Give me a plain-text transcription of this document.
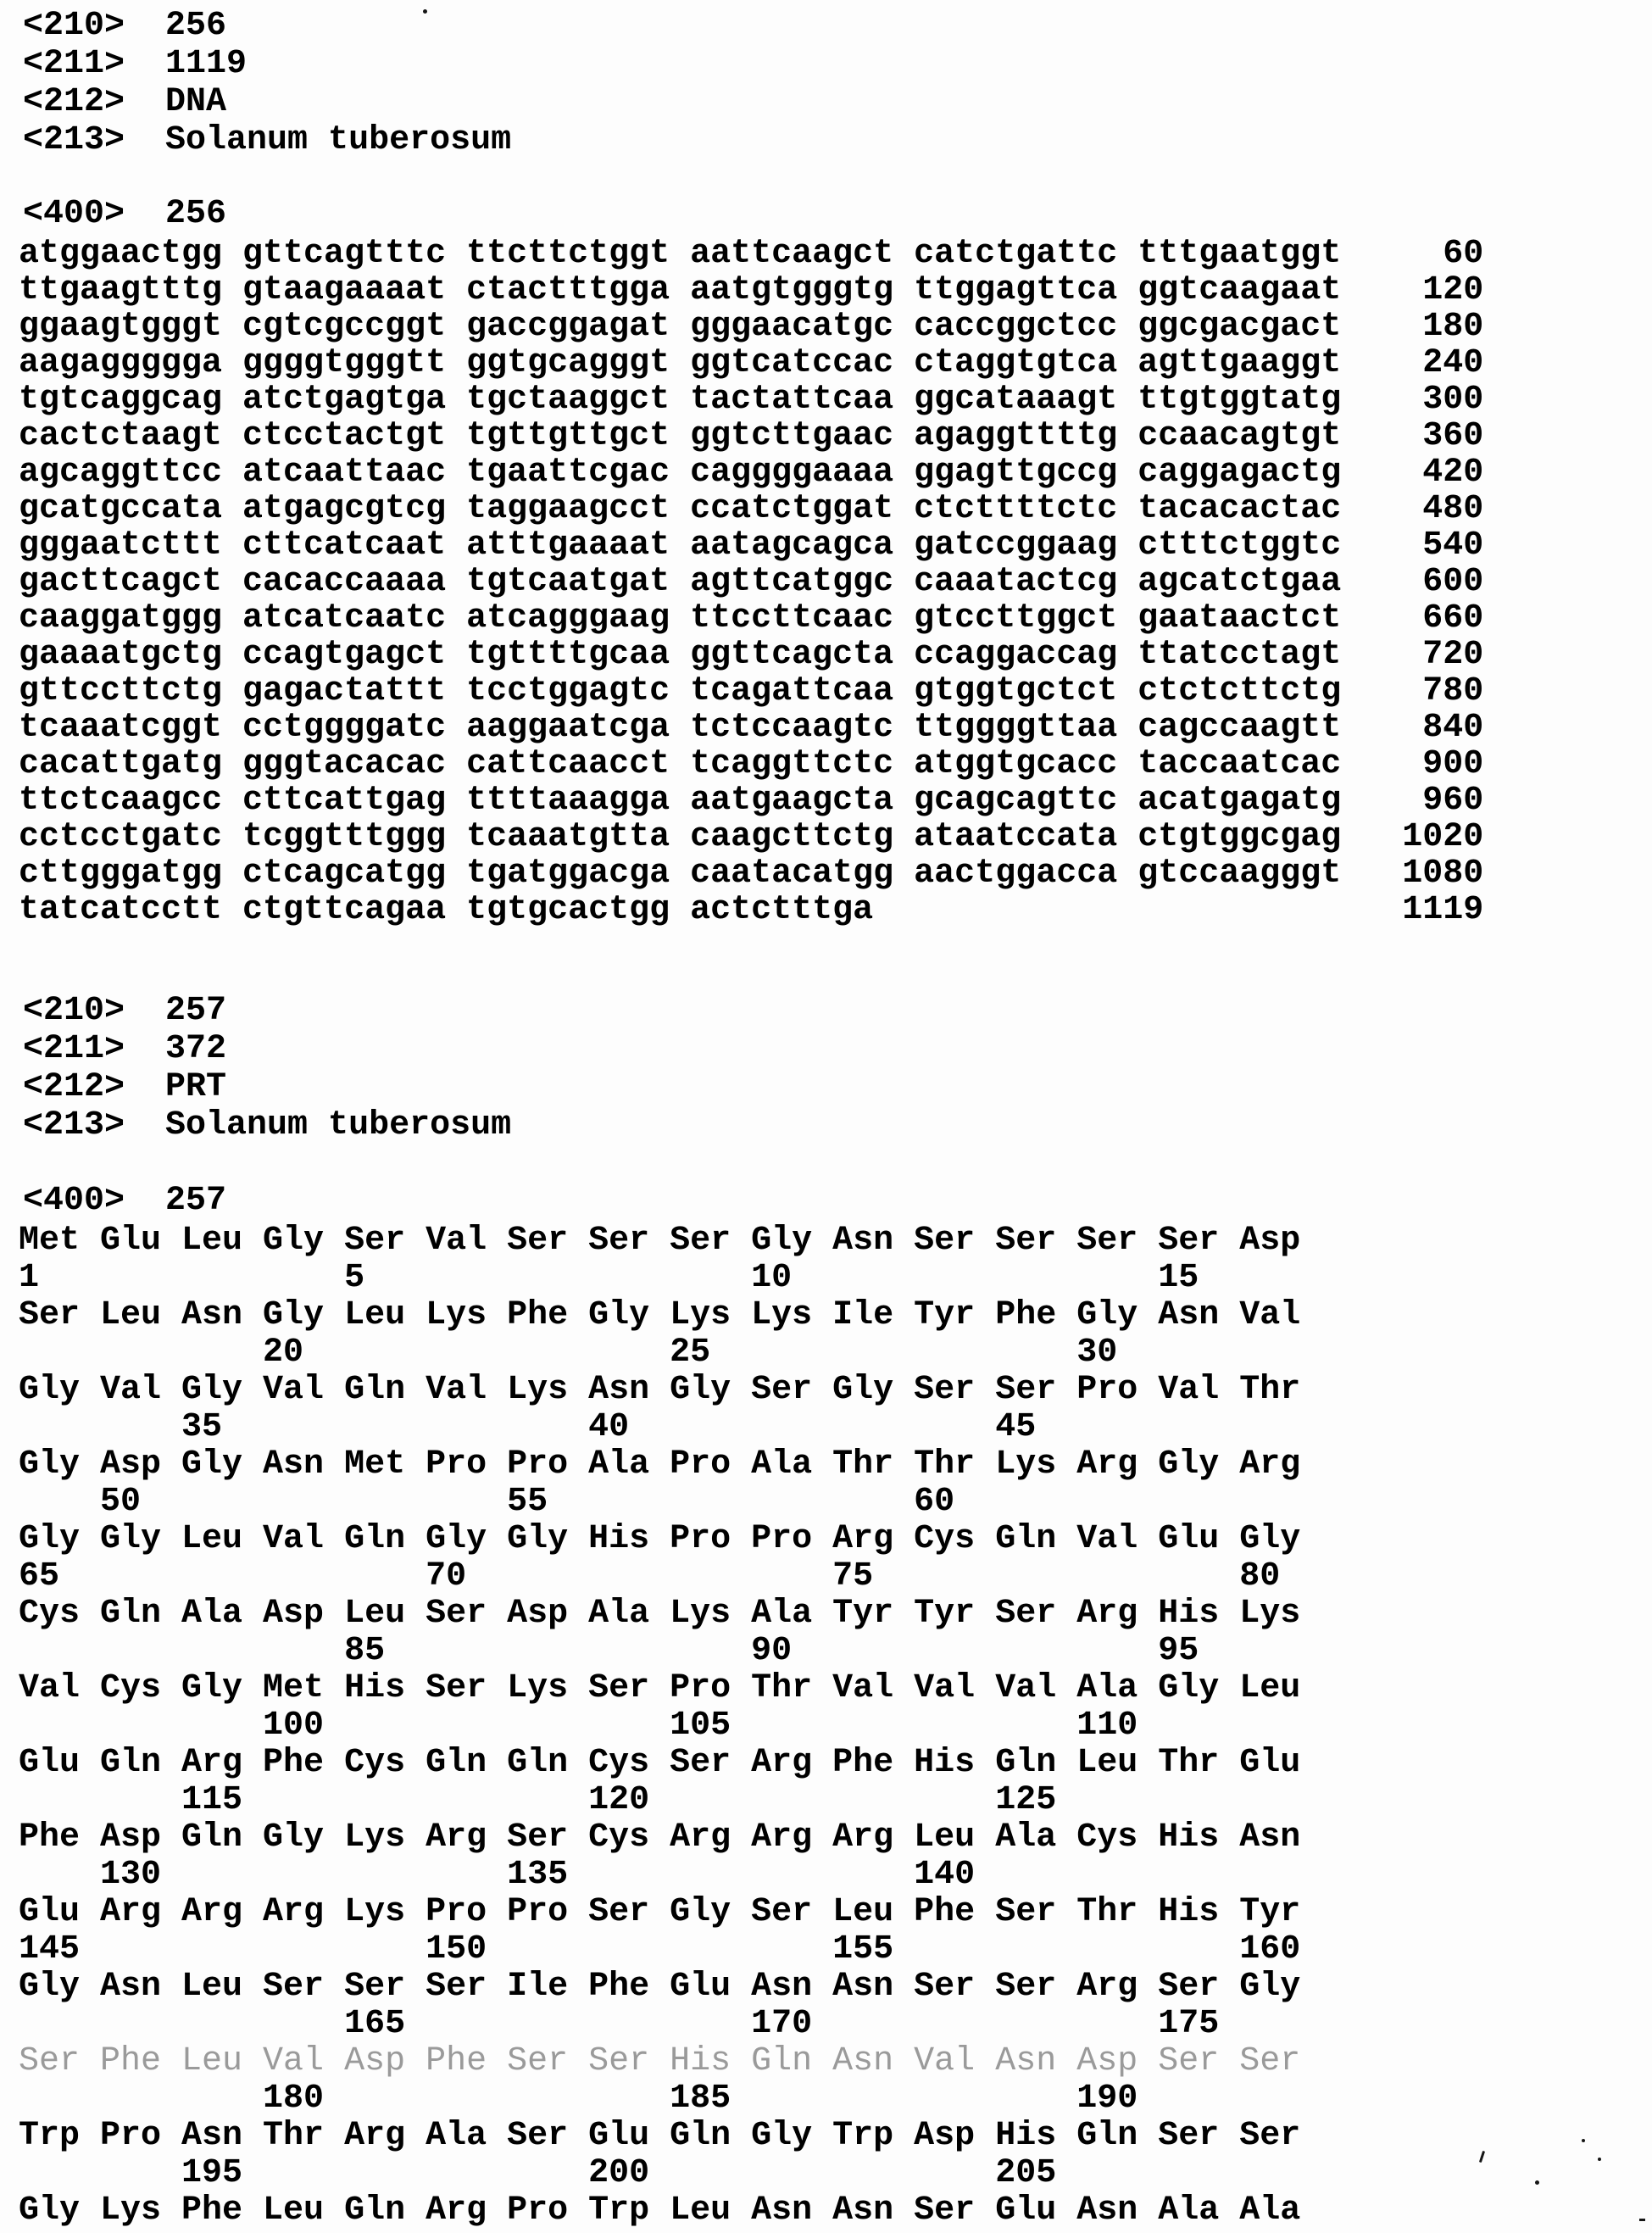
<210>  256
<211>  1119
<212>  DNA
<213>  Solanum tuberosum
<400> 256
atggaactgg gttcagtttc ttcttctggt aattcaagct catctgattc tttgaatggt     60
ttgaagtttg gtaagaaaat ctactttgga aatgtgggtg ttggagttca ggtcaagaat    120
ggaagtgggt cgtcgccggt gaccggagat gggaacatgc caccggctcc ggcgacgact    180
aagaggggga ggggtgggtt ggtgcagggt ggtcatccac ctaggtgtca agttgaaggt    240
tgtcaggcag atctgagtga tgctaaggct tactattcaa ggcataaagt ttgtggtatg    300
cactctaagt ctcctactgt tgttgttgct ggtcttgaac agaggttttg ccaacagtgt    360
agcaggttcc atcaattaac tgaattcgac caggggaaaa ggagttgccg caggagactg    420
gcatgccata atgagcgtcg taggaagcct ccatctggat ctcttttctc tacacactac    480
gggaatcttt cttcatcaat atttgaaaat aatagcagca gatccggaag ctttctggtc    540
gacttcagct cacaccaaaa tgtcaatgat agttcatggc caaatactcg agcatctgaa    600
caaggatggg atcatcaatc atcagggaag ttccttcaac gtccttggct gaataactct    660
gaaaatgctg ccagtgagct tgttttgcaa ggttcagcta ccaggaccag ttatcctagt    720
gttccttctg gagactattt tcctggagtc tcagattcaa gtggtgctct ctctcttctg    780
tcaaatcggt cctggggatc aaggaatcga tctccaagtc ttggggttaa cagccaagtt    840
cacattgatg gggtacacac cattcaacct tcaggttctc atggtgcacc taccaatcac    900
ttctcaagcc cttcattgag ttttaaagga aatgaagcta gcagcagttc acatgagatg    960
cctcctgatc tcggtttggg tcaaatgtta caagcttctg ataatccata ctgtggcgag   1020
cttgggatgg ctcagcatgg tgatggacga caatacatgg aactggacca gtccaagggt   1080
tatcatcctt ctgttcagaa tgtgcactgg actctttga                          1119
<210>  257
<211>  372
<212>  PRT
<213>  Solanum tuberosum
<400> 257
Met Glu Leu Gly Ser Val Ser Ser Ser Gly Asn Ser Ser Ser Ser Asp
1               5                   10                  15
Ser Leu Asn Gly Leu Lys Phe Gly Lys Lys Ile Tyr Phe Gly Asn Val
20                  25                  30
Gly Val Gly Val Gln Val Lys Asn Gly Ser Gly Ser Ser Pro Val Thr
35                  40                  45
Gly Asp Gly Asn Met Pro Pro Ala Pro Ala Thr Thr Lys Arg Gly Arg
50                  55                  60
Gly Gly Leu Val Gln Gly Gly His Pro Pro Arg Cys Gln Val Glu Gly
65                  70                  75                  80
Cys Gln Ala Asp Leu Ser Asp Ala Lys Ala Tyr Tyr Ser Arg His Lys
85                  90                  95
Val Cys Gly Met His Ser Lys Ser Pro Thr Val Val Val Ala Gly Leu
100                 105                 110
Glu Gln Arg Phe Cys Gln Gln Cys Ser Arg Phe His Gln Leu Thr Glu
115                 120                 125
Phe Asp Gln Gly Lys Arg Ser Cys Arg Arg Arg Leu Ala Cys His Asn
130                 135                 140
Glu Arg Arg Arg Lys Pro Pro Ser Gly Ser Leu Phe Ser Thr His Tyr
145                 150                 155                 160
Gly Asn Leu Ser Ser Ser Ile Phe Glu Asn Asn Ser Ser Arg Ser Gly
165                 170                 175
Ser Phe Leu Val Asp Phe Ser Ser His Gln Asn Val Asn Asp Ser Ser
180                 185                 190
Trp Pro Asn Thr Arg Ala Ser Glu Gln Gly Trp Asp His Gln Ser Ser
195                 200                 205
Gly Lys Phe Leu Gln Arg Pro Trp Leu Asn Asn Ser Glu Asn Ala Ala
